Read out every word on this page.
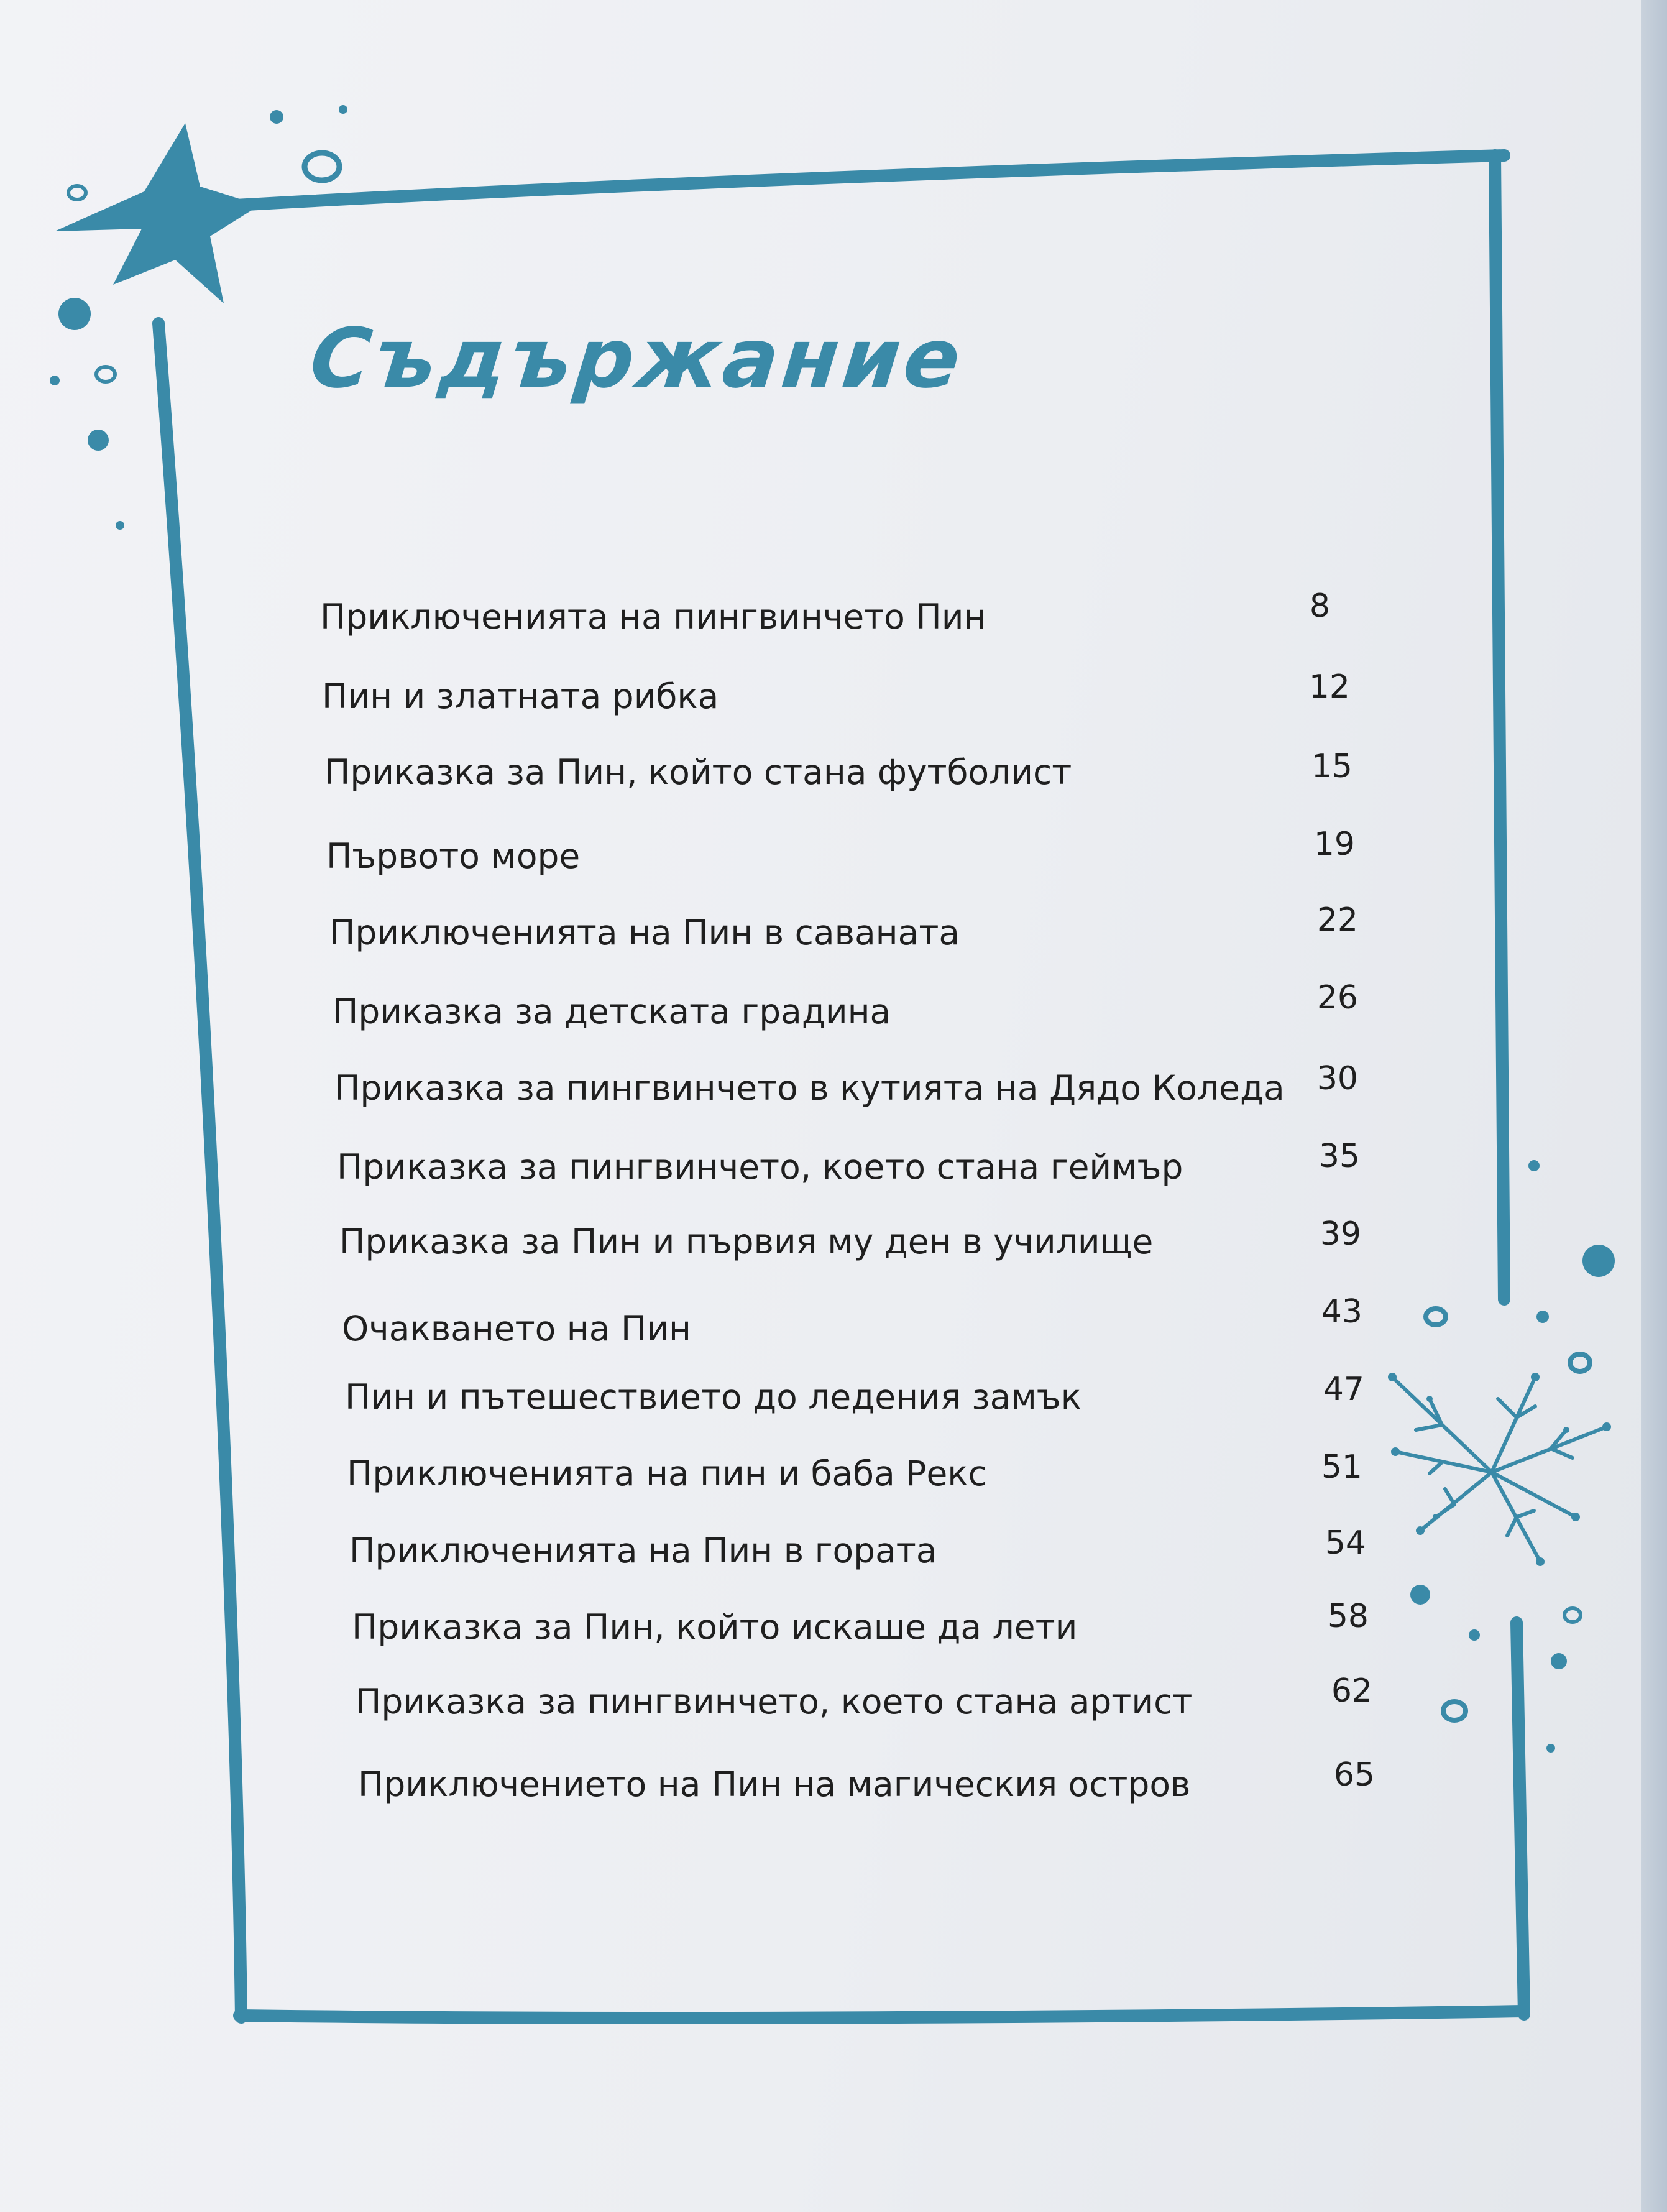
Съдържание
Приключенията на пингвинчето Пин	8
Пин и златната рибка	12
Приказка за Пин, който стана футболист	15
Първото море	19
Приключенията на Пин в саваната	22
Приказка за детската градина	26
Приказка за пингвинчето в кутията на Дядо Коледа	30
Приказка за пингвинчето, което стана геймър	35
Приказка за Пин и първия му ден в училище	39
Очакването на Пин	43
Пин и пътешествието до ледения замък	47
Приключенията на пин и баба Рекс	51
Приключенията на Пин в гората	54
Приказка за Пин, който искаше да лети	58
Приказка за пингвинчето, което стана артист	62
Приключението на Пин на магическия остров	65
